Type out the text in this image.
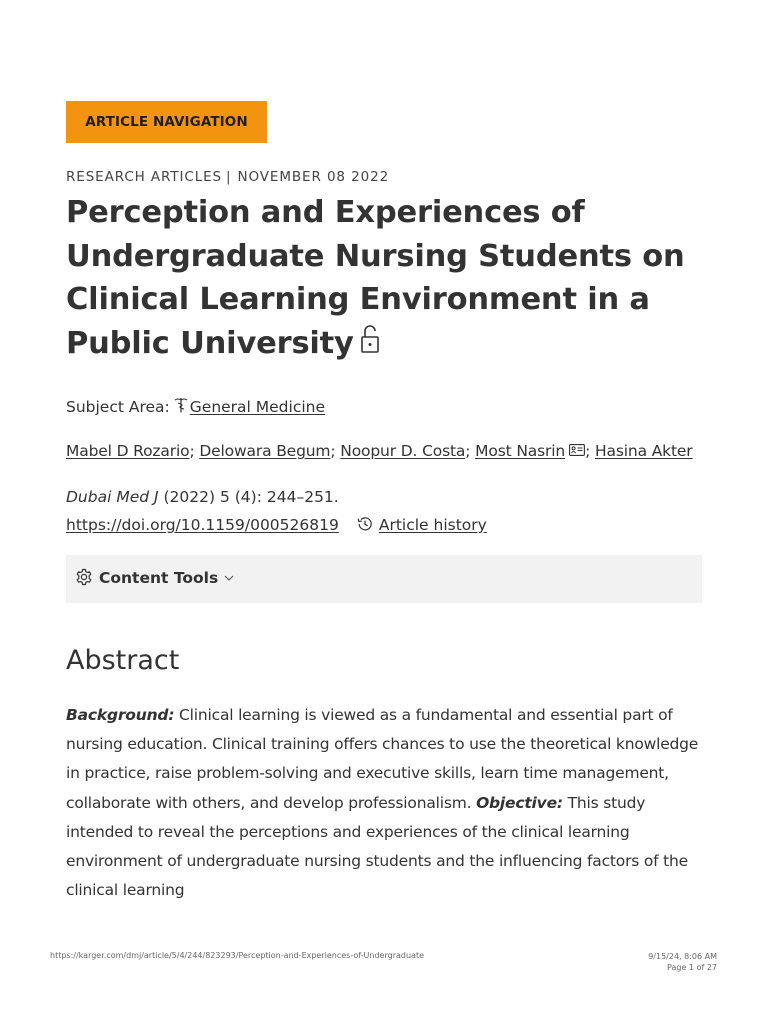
ARTICLE NAVIGATION
RESEARCH ARTICLES | NOVEMBER 08 2022
Perception and Experiences of
Undergraduate Nursing Students on
Clinical Learning Environment in a
Public University
Subject Area: General Medicine
Mabel D Rozario; Delowara Begum; Noopur D. Costa; Most Nasrin ; Hasina Akter
Dubai Med J (2022) 5 (4): 244–251.
https://doi.org/10.1159/000526819	Article history
Content Tools
Abstract

Background: Clinical learning is viewed as a fundamental and essential part of nursing education. Clinical training offers chances to use the theoretical knowledge in practice, raise problem-solving and executive skills, learn time management, collaborate with others, and develop professionalism. Objective: This study intended to reveal the perceptions and experiences of the clinical learning environment of undergraduate nursing students and the influencing factors of the clinical learning

https://karger.com/dmj/article/5/4/244/823293/Perception-and-Experiences-of-Undergraduate	9/15/24, 8:06 AM
Page 1 of 27
